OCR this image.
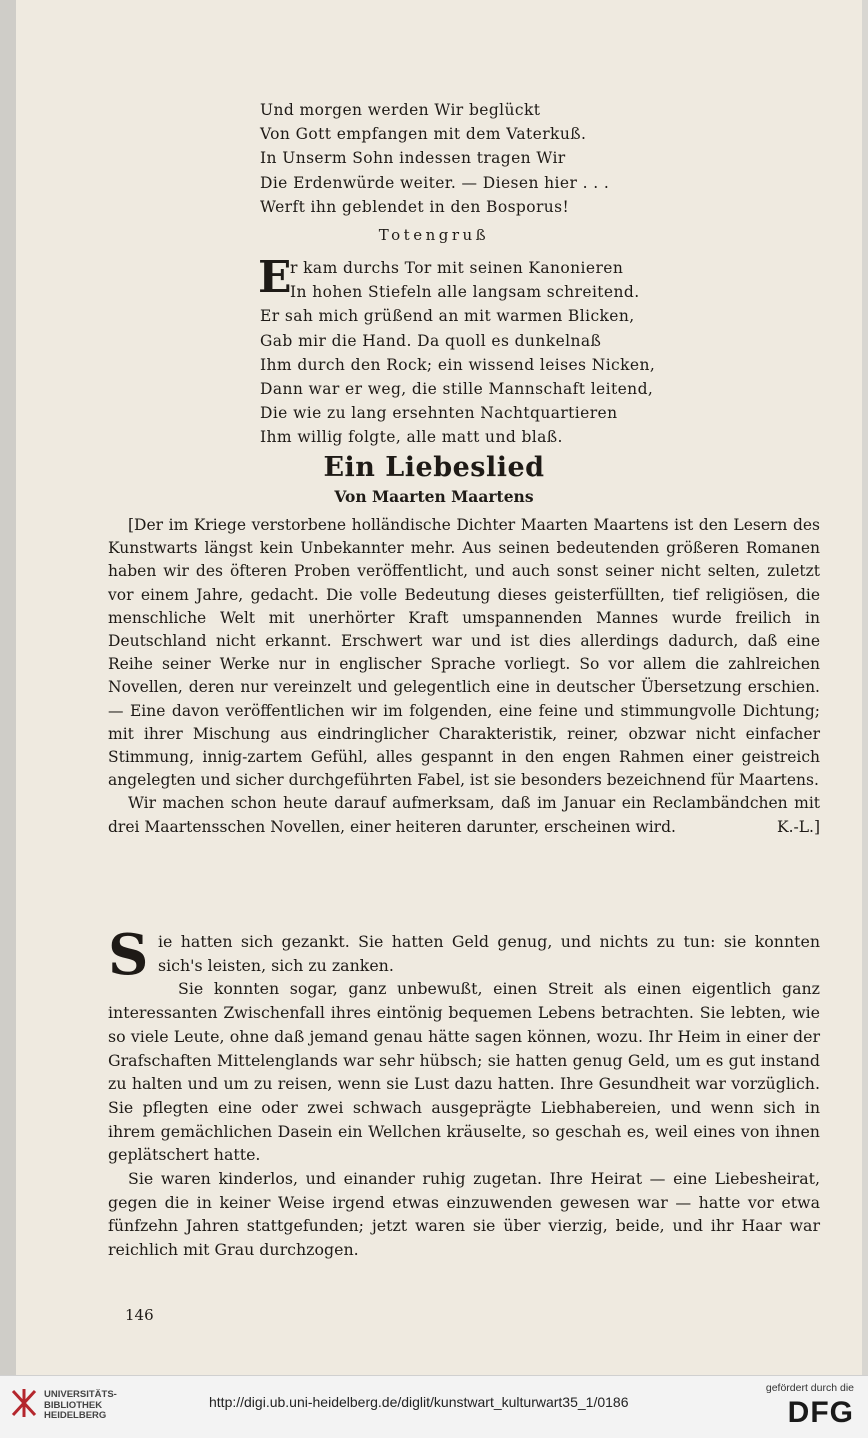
Und morgen werden Wir beglückt
Von Gott empfangen mit dem Vaterkuß.
In Unserm Sohn indessen tragen Wir
Die Erdenwürde weiter. — Diesen hier . . .
Werft ihn geblendet in den Bosporus!
Totengruß
E
r kam durchs Tor mit seinen Kanonieren
In hohen Stiefeln alle langsam schreitend.
Er sah mich grüßend an mit warmen Blicken,
Gab mir die Hand. Da quoll es dunkelnaß
Ihm durch den Rock; ein wissend leises Nicken,
Dann war er weg, die stille Mannschaft leitend,
Die wie zu lang ersehnten Nachtquartieren
Ihm willig folgte, alle matt und blaß.
Ein Liebeslied
Von Maarten Maartens

[Der im Kriege verstorbene holländische Dichter Maarten Maartens ist den Lesern des Kunstwarts längst kein Unbekannter mehr. Aus seinen bedeutenden größeren Romanen haben wir des öfteren Proben veröffentlicht, und auch sonst seiner nicht selten, zuletzt vor einem Jahre, gedacht. Die volle Bedeutung dieses geisterfüllten, tief religiösen, die menschliche Welt mit unerhörter Kraft umspannenden Mannes wurde freilich in Deutschland nicht erkannt. Erschwert war und ist dies allerdings dadurch, daß eine Reihe seiner Werke nur in englischer Sprache vorliegt. So vor allem die zahlreichen Novellen, deren nur vereinzelt und gelegentlich eine in deutscher Übersetzung erschien. — Eine davon veröffentlichen wir im folgenden, eine feine und stimmungvolle Dichtung; mit ihrer Mischung aus eindringlicher Charakteristik, reiner, obzwar nicht einfacher Stimmung, innig-zartem Gefühl, alles gespannt in den engen Rahmen einer geistreich angelegten und sicher durchgeführten Fabel, ist sie besonders bezeichnend für Maartens.

Wir machen schon heute darauf aufmerksam, daß im Januar ein Reclambändchen mit drei Maartensschen Novellen, einer heiteren darunter, erscheinen wird.	K.-L.]

S ie hatten sich gezankt. Sie hatten Geld genug, und nichts zu tun: sie konnten sich's leisten, sich zu zanken.

Sie konnten sogar, ganz unbewußt, einen Streit als einen eigentlich ganz interessanten Zwischenfall ihres eintönig bequemen Lebens betrachten. Sie lebten, wie so viele Leute, ohne daß jemand genau hätte sagen können, wozu. Ihr Heim in einer der Grafschaften Mittelenglands war sehr hübsch; sie hatten genug Geld, um es gut instand zu halten und um zu reisen, wenn sie Lust dazu hatten. Ihre Gesundheit war vorzüglich. Sie pflegten eine oder zwei schwach ausgeprägte Liebhabereien, und wenn sich in ihrem gemächlichen Dasein ein Wellchen kräuselte, so geschah es, weil eines von ihnen geplätschert hatte.

Sie waren kinderlos, und einander ruhig zugetan. Ihre Heirat — eine Liebesheirat, gegen die in keiner Weise irgend etwas einzuwenden gewesen war — hatte vor etwa fünfzehn Jahren stattgefunden; jetzt waren sie über vierzig, beide, und ihr Haar war reichlich mit Grau durchzogen.

146
UNIVERSITÄTS-
BIBLIOTHEK
HEIDELBERG
http://digi.ub.uni-heidelberg.de/diglit/kunstwart_kulturwart35_1/0186
gefördert durch die
DFG
